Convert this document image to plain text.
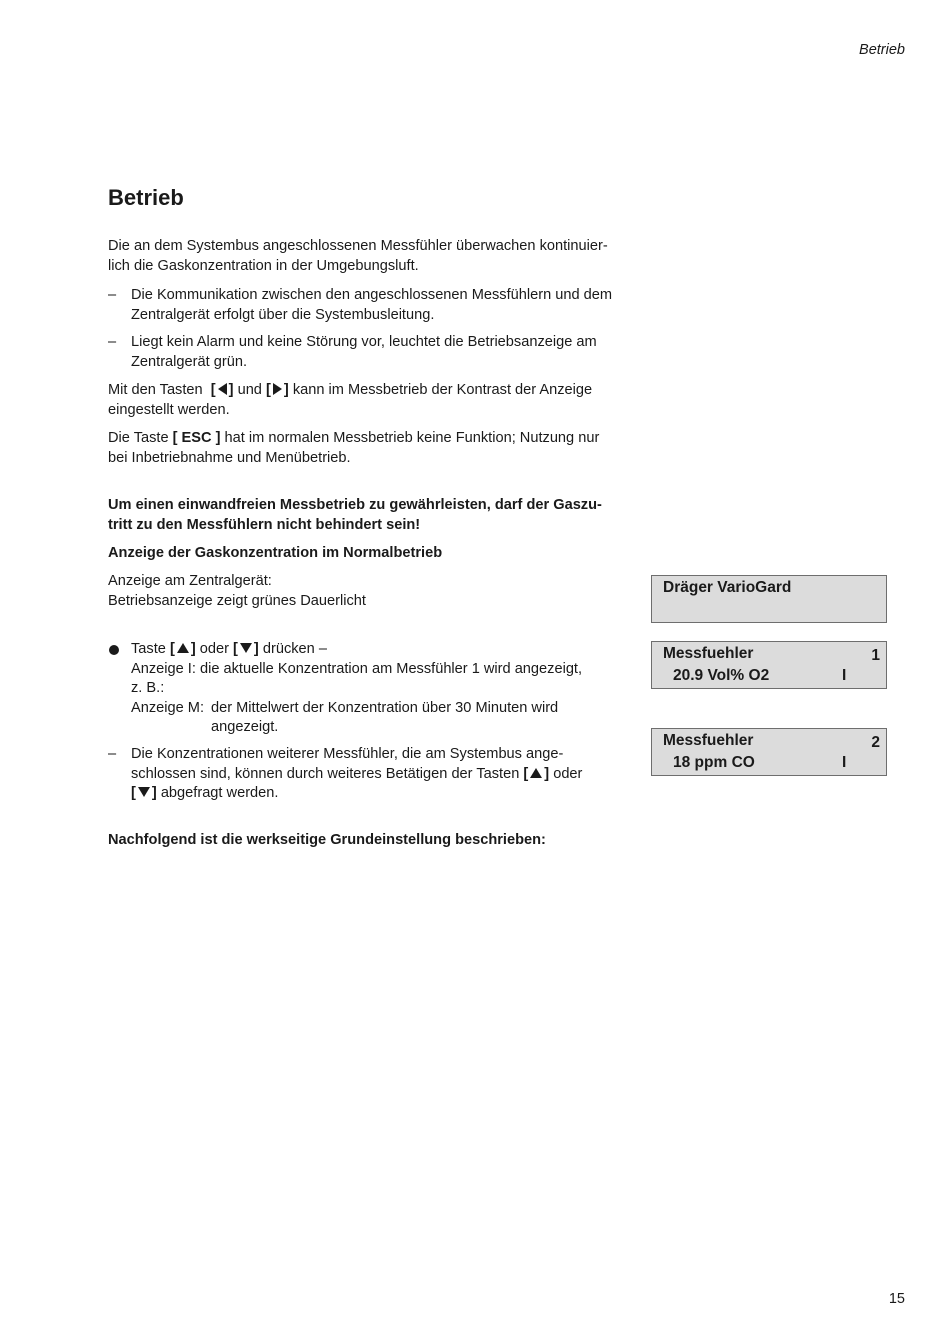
Betrieb
Betrieb

Die an dem Systembus angeschlossenen Messfühler überwachen kontinuier-

lich die Gaskonzentration in der Umgebungsluft.

–	Die Kommunikation zwischen den angeschlossenen Messfühlern und dem

Zentralgerät erfolgt über die Systembusleitung.

–	Liegt kein Alarm und keine Störung vor, leuchtet die Betriebsanzeige am

Zentralgerät grün.

Mit den Tasten [ ] und [ ] kann im Messbetrieb der Kontrast der Anzeige

eingestellt werden.

Die Taste [ ESC ] hat im normalen Messbetrieb keine Funktion; Nutzung nur

bei Inbetriebnahme und Menübetrieb.

Um einen einwandfreien Messbetrieb zu gewährleisten, darf der Gaszu-

tritt zu den Messfühlern nicht behindert sein!

Anzeige der Gaskonzentration im Normalbetrieb

Anzeige am Zentralgerät:

Betriebsanzeige zeigt grünes Dauerlicht

Taste [ ] oder [ ] drücken –

Anzeige I: die aktuelle Konzentration am Messfühler 1 wird angezeigt,

z. B.:

Anzeige M: der Mittelwert der Konzentration über 30 Minuten wird

angezeigt.

–	Die Konzentrationen weiterer Messfühler, die am Systembus ange-

schlossen sind, können durch weiteres Betätigen der Tasten [ ] oder

[ ] abgefragt werden.

Nachfolgend ist die werkseitige Grundeinstellung beschrieben:
Dräger VarioGard
Messfuehler	1
20.9 Vol% O2	I
Messfuehler	2
18 ppm CO	I
15
